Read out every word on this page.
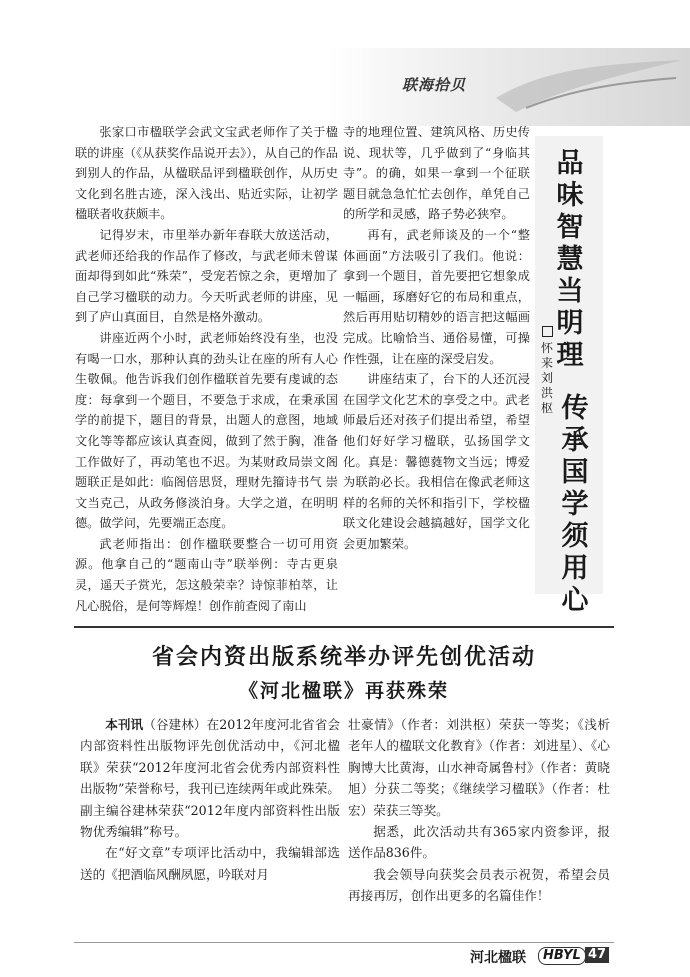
联海拾贝

张家口市楹联学会武文宝武老师作了关于楹联的讲座（《从获奖作品说开去》），从自己的作品到别人的作品，从楹联品评到楹联创作，从历史文化到名胜古迹，深入浅出、贴近实际，让初学楹联者收获颇丰。

记得岁末，市里举办新年春联大放送活动，武老师还给我的作品作了修改，与武老师未曾谋面却得到如此“殊荣”，受宠若惊之余，更增加了自己学习楹联的动力。今天听武老师的讲座，见到了庐山真面目，自然是格外激动。

讲座近两个小时，武老师始终没有坐，也没有喝一口水，那种认真的劲头让在座的所有人心生敬佩。他告诉我们创作楹联首先要有虔诚的态度：每拿到一个题目，不要急于求成，在秉承国学的前提下，题目的背景，出题人的意图，地域文化等等都应该认真查阅，做到了然于胸，准备工作做好了，再动笔也不迟。为某财政局崇文阁题联正是如此：临阁倍思贤，理财先籀诗书气 崇文当克己，从政务修淡泊身。大学之道，在明明德。做学问，先要端正态度。

武老师指出：创作楹联要整合一切可用资源。他拿自己的“题南山寺”联举例：寺古更泉灵，遥天子赏光，怎这般荣幸？诗惊菲柏萃，让凡心脱俗，是何等辉煌！创作前查阅了南山

寺的地理位置、建筑风格、历史传说、现状等，几乎做到了“身临其寺”。的确，如果一拿到一个征联题目就急急忙忙去创作，单凭自己的所学和灵感，路子势必狭窄。

再有，武老师谈及的一个“整体画面”方法吸引了我们。他说：拿到一个题目，首先要把它想象成一幅画，琢磨好它的布局和重点，然后再用贴切精妙的语言把这幅画完成。比喻恰当、通俗易懂，可操作性强，让在座的深受启发。

讲座结束了，台下的人还沉浸在国学文化艺术的享受之中。武老师最后还对孩子们提出希望，希望他们好好学习楹联，弘扬国学文化。真是：馨德蕤物文当远；博爱为联韵必长。我相信在像武老师这样的名师的关怀和指引下，学校楹联文化建设会越搞越好，国学文化会更加繁荣。

品味智慧当明理
怀来 刘洪枢 传承国学须用心
省会内资出版系统举办评先创优活动
《河北楹联》再获殊荣

本刊讯（谷建林）在2012年度河北省省会内部资料性出版物评先创优活动中，《河北楹联》荣获“2012年度河北省会优秀内部资料性出版物”荣誉称号，我刊已连续两年或此殊荣。副主编谷建林荣获“2012年度内部资料性出版物优秀编辑”称号。

在“好文章”专项评比活动中，我编辑部选送的《把酒临风酬夙愿，吟联对月

壮豪情》（作者：刘洪枢）荣获一等奖；《浅析老年人的楹联文化教育》（作者：刘进星）、《心胸博大比黄海，山水神奇属鲁村》（作者：黄晓旭）分获二等奖；《继续学习楹联》（作者：杜宏）荣获三等奖。

据悉，此次活动共有365家内资参评，报送作品836件。

我会领导向获奖会员表示祝贺，希望会员再接再厉，创作出更多的名篇佳作！

河北楹联	HBYL 47
